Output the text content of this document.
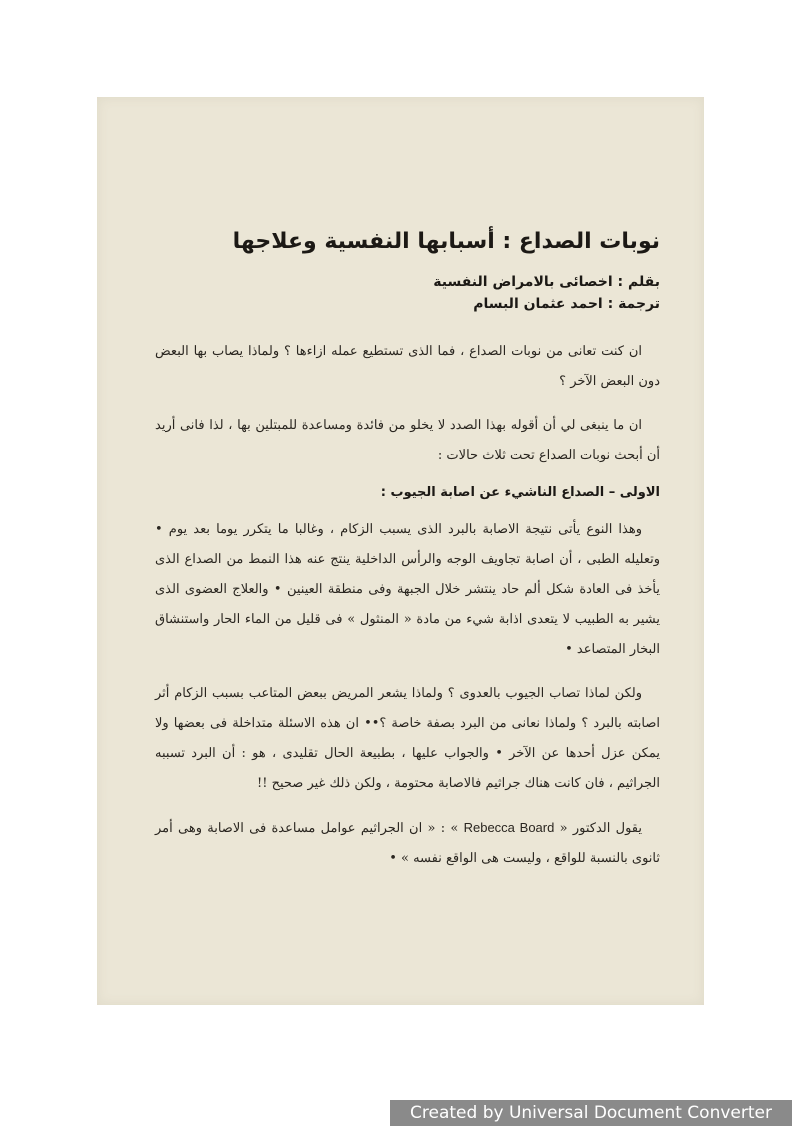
نوبات الصداع : أسبابها النفسية وعلاجها

بقلم : اخصائى بالامراض النفسية

ترجمة : احمد عثمان البسام

ان كنت تعانى من نوبات الصداع ، فما الذى تستطيع عمله ازاءها ؟ ولماذا يصاب بها البعض دون البعض الآخر ؟

ان ما ينبغى لي أن أقوله بهذا الصدد لا يخلو من فائدة ومساعدة للمبتلين بها ، لذا فانى أريد أن أبحث نوبات الصداع تحت ثلاث حالات :

الاولى – الصداع الناشيء عن اصابة الجيوب :

وهذا النوع يأتى نتيجة الاصابة بالبرد الذى يسبب الزكام ، وغالبا ما يتكرر يوما بعد يوم • وتعليله الطبى ، أن اصابة تجاويف الوجه والرأس الداخلية ينتج عنه هذا النمط من الصداع الذى يأخذ فى العادة شكل ألم حاد ينتشر خلال الجبهة وفى منطقة العينين • والعلاج العضوى الذى يشير به الطبيب لا يتعدى اذابة شيء من مادة « المنثول » فى قليل من الماء الحار واستنشاق البخار المتصاعد •

ولكن لماذا تصاب الجيوب بالعدوى ؟ ولماذا يشعر المريض ببعض المتاعب بسبب الزكام أثر اصابته بالبرد ؟ ولماذا نعانى من البرد بصفة خاصة ؟•• ان هذه الاسئلة متداخلة فى بعضها ولا يمكن عزل أحدها عن الآخر • والجواب عليها ، بطبيعة الحال تقليدى ، هو : أن البرد تسببه الجراثيم ، فان كانت هناك جراثيم فالاصابة محتومة ، ولكن ذلك غير صحيح !!

يقول الدكتور « Rebecca Board » : « ان الجراثيم عوامل مساعدة فى الاصابة وهى أمر ثانوى بالنسبة للواقع ، وليست هى الواقع نفسه » •

Created by Universal Document Converter
